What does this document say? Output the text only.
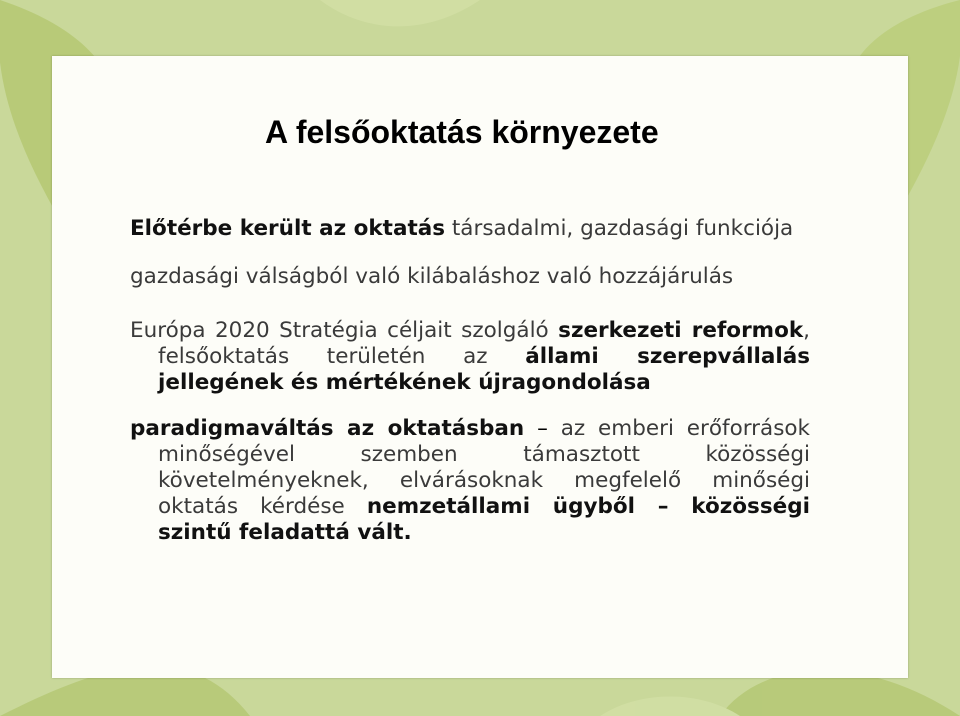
A felsőoktatás környezete

Előtérbe került az oktatás társadalmi, gazdasági funkciója

gazdasági válságból való kilábaláshoz való hozzájárulás

Európa 2020 Stratégia céljait szolgáló szerkezeti reformok, felsőoktatás területén az állami szerepvállalás jellegének és mértékének újragondolása

paradigmaváltás az oktatásban – az emberi erőforrások minőségével szemben támasztott közösségi követelményeknek, elvárásoknak megfelelő minőségi oktatás kérdése nemzetállami ügyből – közösségi szintű feladattá vált.
